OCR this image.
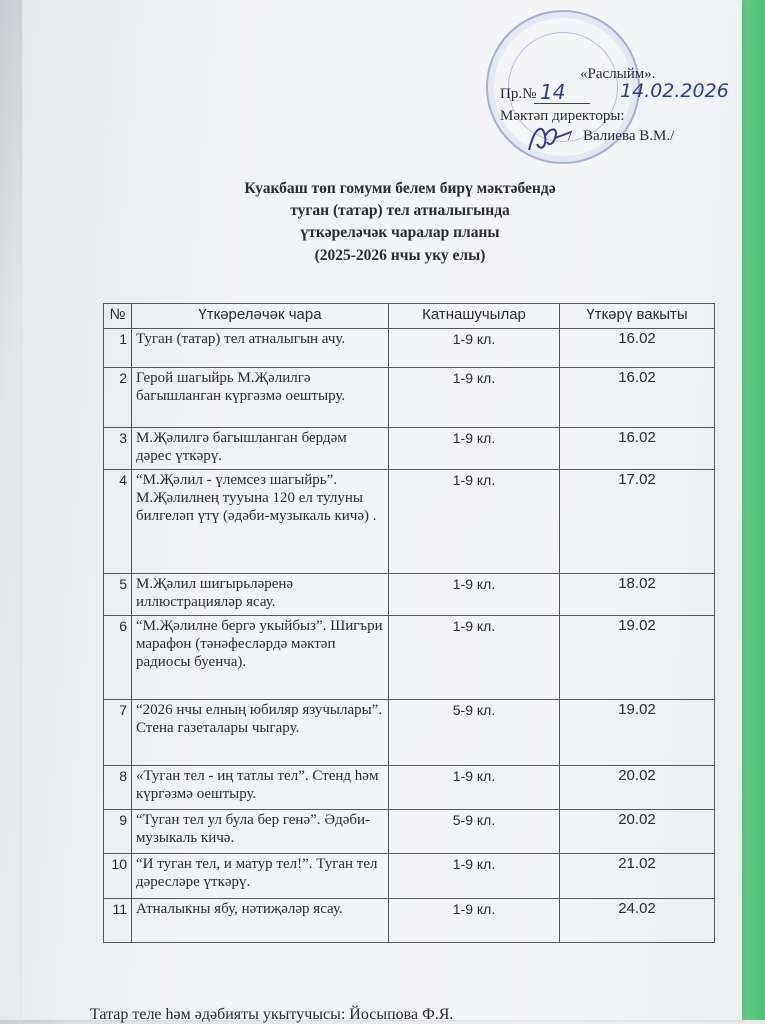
«Раслыйм».
Пр.№ 14	14.02.2026
Мәктәп директоры:
/ Валиева В.М./
Куакбаш төп гомуми белем бирү мәктәбендә
туган (татар) тел атналыгында
үткәреләчәк чаралар планы
(2025-2026 нчы уку елы)
№	Үткәреләчәк чара	Катнашучылар	Үткәрү вакыты
1	Туган (татар) тел атналыгын ачу.	1-9 кл.	16.02
2	Герой шагыйрь М.Җәлилгә багышланган күргәзмә оештыру.	1-9 кл.	16.02
3	М.Җәлилгә багышланган бердәм дәрес үткәрү.	1-9 кл.	16.02
4	“М.Җәлил - үлемсез шагыйрь”. М.Җәлилнең тууына 120 ел тулуны билгеләп үтү (әдәби-музыкаль кичә) .	1-9 кл.	17.02
5	М.Җәлил шигырьләренә иллюстрацияләр ясау.	1-9 кл.	18.02
6	“М.Җәлилне бергә укыйбыз”. Шигъри марафон (тәнәфесләрдә мәктәп радиосы буенча).	1-9 кл.	19.02
7	“2026 нчы елның юбиляр язучылары”. Стена газеталары чыгару.	5-9 кл.	19.02
8	«Туган тел - иң татлы тел”. Стенд һәм күргәзмә оештыру.	1-9 кл.	20.02
9	“Туган тел ул була бер генә”. Әдәби-музыкаль кичә.	5-9 кл.	20.02
10	“И туган тел, и матур тел!”. Туган тел дәресләре үткәрү.	1-9 кл.	21.02
11	Атналыкны ябу, нәтиҗәләр ясау.	1-9 кл.	24.02
Татар теле һәм әдәбияты укытучысы: Йосыпова Ф.Я.
